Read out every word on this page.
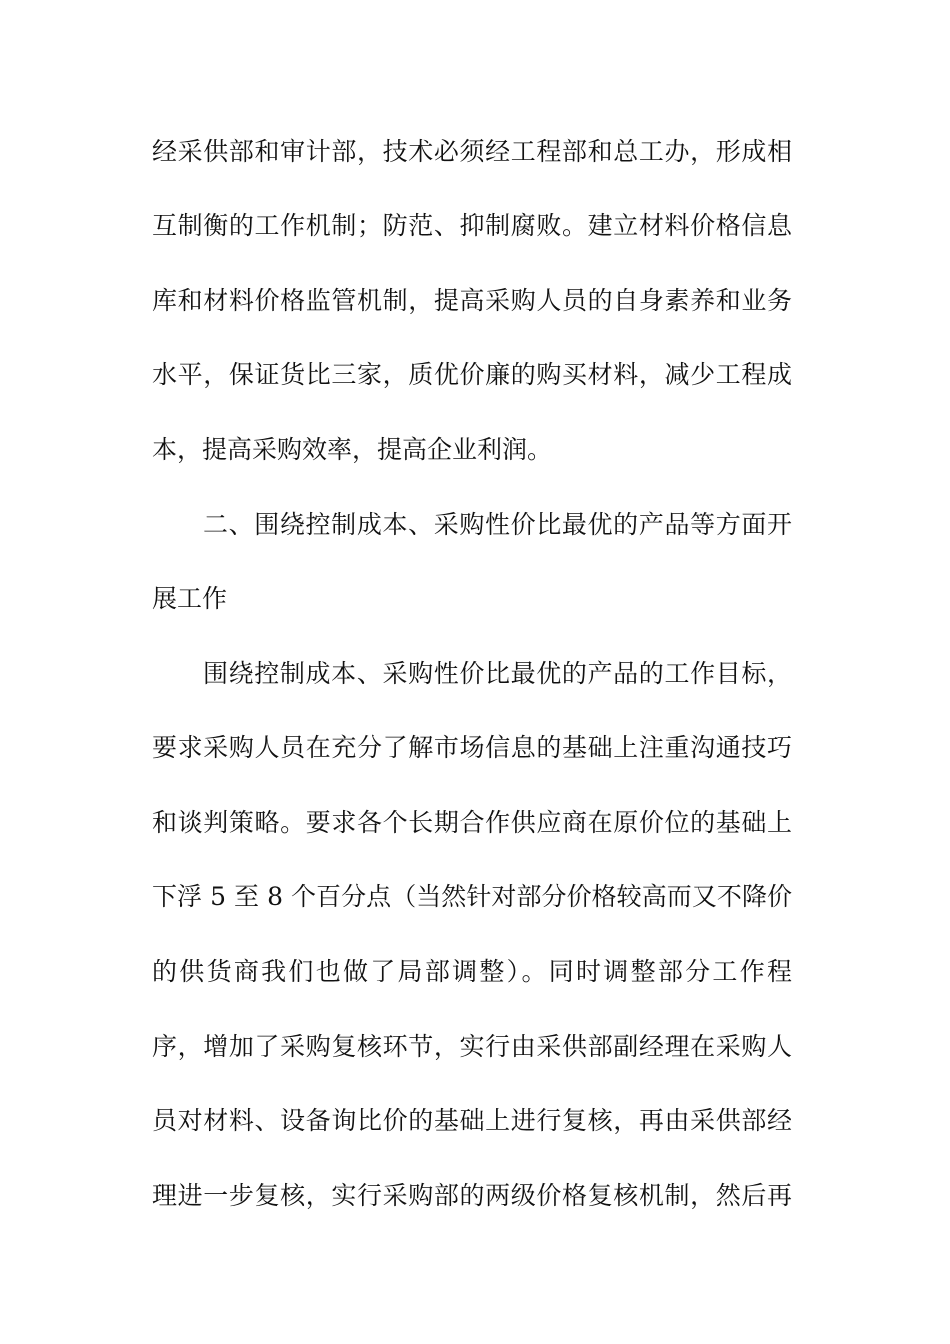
经采供部和审计部，技术必须经工程部和总工办，形成相
互制衡的工作机制；防范、抑制腐败。建立材料价格信息
库和材料价格监管机制，提高采购人员的自身素养和业务
水平，保证货比三家，质优价廉的购买材料，减少工程成
本，提高采购效率，提高企业利润。
二、围绕控制成本、采购性价比最优的产品等方面开
展工作
围绕控制成本、采购性价比最优的产品的工作目标，
要求采购人员在充分了解市场信息的基础上注重沟通技巧
和谈判策略。要求各个长期合作供应商在原价位的基础上
下浮 5 至 8 个百分点（当然针对部分价格较高而又不降价
的供货商我们也做了局部调整）。同时调整部分工作程
序，增加了采购复核环节，实行由采供部副经理在采购人
员对材料、设备询比价的基础上进行复核，再由采供部经
理进一步复核，实行采购部的两级价格复核机制，然后再
